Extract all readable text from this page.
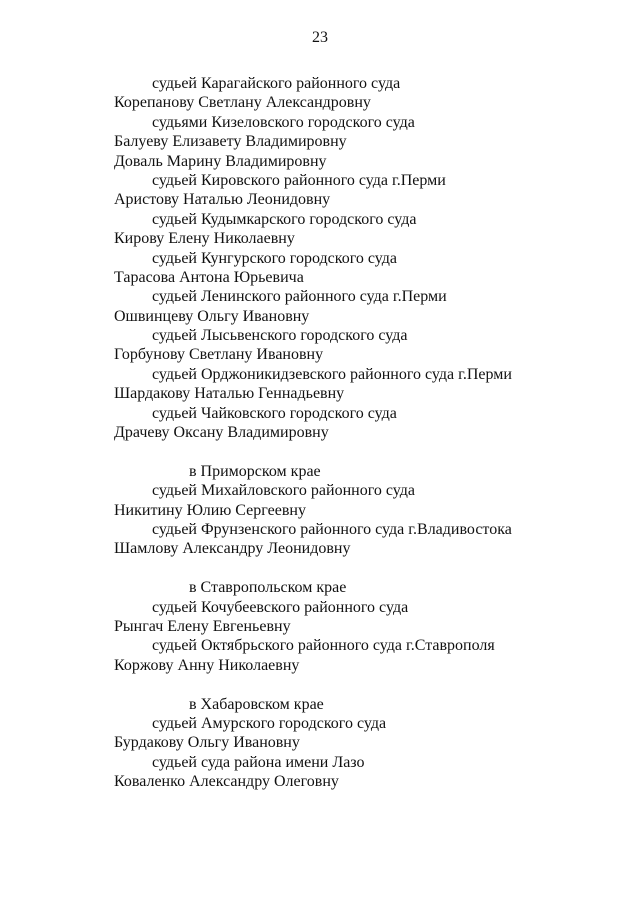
23
судьей Карагайского районного суда
Корепанову Светлану Александровну
судьями Кизеловского городского суда
Балуеву Елизавету Владимировну
Доваль Марину Владимировну
судьей Кировского районного суда г.Перми
Аристову Наталью Леонидовну
судьей Кудымкарского городского суда
Кирову Елену Николаевну
судьей Кунгурского городского суда
Тарасова Антона Юрьевича
судьей Ленинского районного суда г.Перми
Ошвинцеву Ольгу Ивановну
судьей Лысьвенского городского суда
Горбунову Светлану Ивановну
судьей Орджоникидзевского районного суда г.Перми
Шардакову Наталью Геннадьевну
судьей Чайковского городского суда
Драчеву Оксану Владимировну
в Приморском крае
судьей Михайловского районного суда
Никитину Юлию Сергеевну
судьей Фрунзенского районного суда г.Владивостока
Шамлову Александру Леонидовну
в Ставропольском крае
судьей Кочубеевского районного суда
Рынгач Елену Евгеньевну
судьей Октябрьского районного суда г.Ставрополя
Коржову Анну Николаевну
в Хабаровском крае
судьей Амурского городского суда
Бурдакову Ольгу Ивановну
судьей суда района имени Лазо
Коваленко Александру Олеговну
